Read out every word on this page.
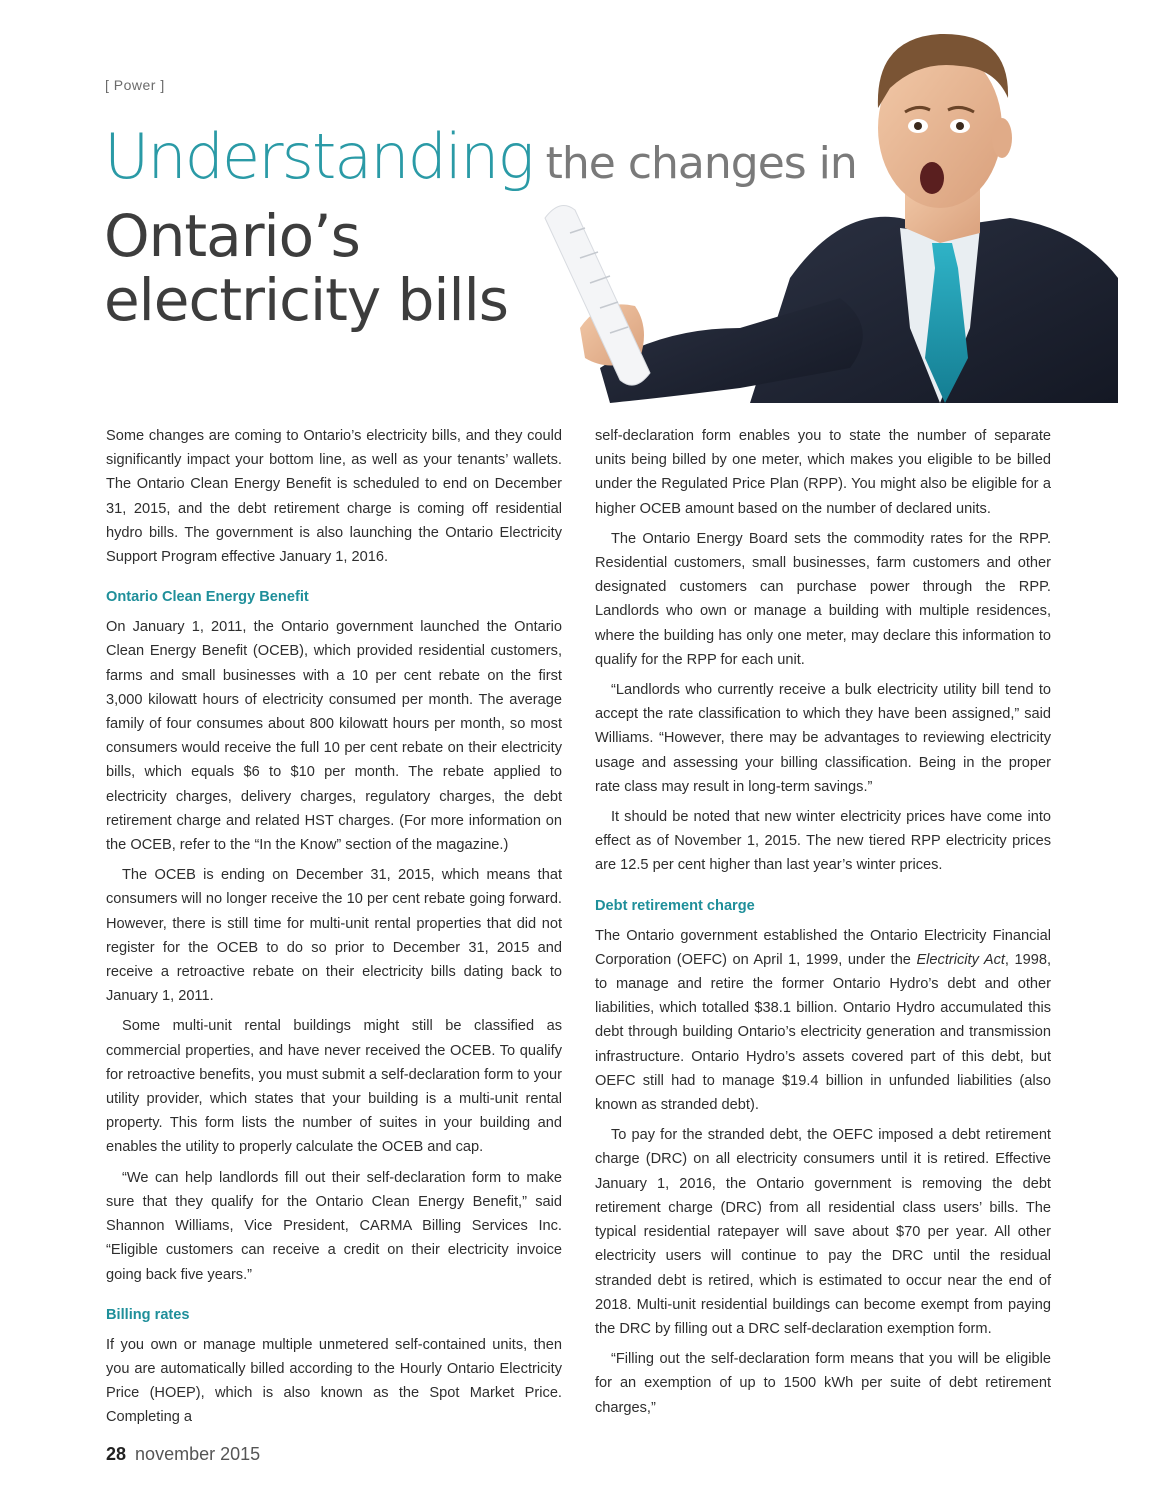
[ Power ]
Understanding the changes in
Ontario’s
electricity bills

Some changes are coming to Ontario’s electricity bills, and they could significantly impact your bottom line, as well as your tenants’ wallets. The Ontario Clean Energy Benefit is scheduled to end on December 31, 2015, and the debt retirement charge is coming off residential hydro bills. The government is also launching the Ontario Electricity Support Program effective January 1, 2016.

Ontario Clean Energy Benefit

On January 1, 2011, the Ontario government launched the Ontario Clean Energy Benefit (OCEB), which provided residential customers, farms and small businesses with a 10 per cent rebate on the first 3,000 kilowatt hours of electricity consumed per month. The average family of four consumes about 800 kilowatt hours per month, so most consumers would receive the full 10 per cent rebate on their electricity bills, which equals $6 to $10 per month. The rebate applied to electricity charges, delivery charges, regulatory charges, the debt retirement charge and related HST charges. (For more information on the OCEB, refer to the “In the Know” section of the magazine.)

The OCEB is ending on December 31, 2015, which means that consumers will no longer receive the 10 per cent rebate going forward. However, there is still time for multi-unit rental properties that did not register for the OCEB to do so prior to December 31, 2015 and receive a retroactive rebate on their electricity bills dating back to January 1, 2011.

Some multi-unit rental buildings might still be classified as commercial properties, and have never received the OCEB. To qualify for retroactive benefits, you must submit a self-declaration form to your utility provider, which states that your building is a multi-unit rental property. This form lists the number of suites in your building and enables the utility to properly calculate the OCEB and cap.

“We can help landlords fill out their self-declaration form to make sure that they qualify for the Ontario Clean Energy Benefit,” said Shannon Williams, Vice President, CARMA Billing Services Inc. “Eligible customers can receive a credit on their electricity invoice going back five years.”

Billing rates

If you own or manage multiple unmetered self-contained units, then you are automatically billed according to the Hourly Ontario Electricity Price (HOEP), which is also known as the Spot Market Price. Completing a

self-declaration form enables you to state the number of separate units being billed by one meter, which makes you eligible to be billed under the Regulated Price Plan (RPP). You might also be eligible for a higher OCEB amount based on the number of declared units.

The Ontario Energy Board sets the commodity rates for the RPP. Residential customers, small businesses, farm customers and other designated customers can purchase power through the RPP. Landlords who own or manage a building with multiple residences, where the building has only one meter, may declare this information to qualify for the RPP for each unit.

“Landlords who currently receive a bulk electricity utility bill tend to accept the rate classification to which they have been assigned,” said Williams. “However, there may be advantages to reviewing electricity usage and assessing your billing classification. Being in the proper rate class may result in long-term savings.”

It should be noted that new winter electricity prices have come into effect as of November 1, 2015. The new tiered RPP electricity prices are 12.5 per cent higher than last year’s winter prices.

Debt retirement charge

The Ontario government established the Ontario Electricity Financial Corporation (OEFC) on April 1, 1999, under the Electricity Act, 1998, to manage and retire the former Ontario Hydro’s debt and other liabilities, which totalled $38.1 billion. Ontario Hydro accumulated this debt through building Ontario’s electricity generation and transmission infrastructure. Ontario Hydro’s assets covered part of this debt, but OEFC still had to manage $19.4 billion in unfunded liabilities (also known as stranded debt).

To pay for the stranded debt, the OEFC imposed a debt retirement charge (DRC) on all electricity consumers until it is retired. Effective January 1, 2016, the Ontario government is removing the debt retirement charge (DRC) from all residential class users’ bills. The typical residential ratepayer will save about $70 per year. All other electricity users will continue to pay the DRC until the residual stranded debt is retired, which is estimated to occur near the end of 2018. Multi-unit residential buildings can become exempt from paying the DRC by filling out a DRC self-declaration exemption form.

“Filling out the self-declaration form means that you will be eligible for an exemption of up to 1500 kWh per suite of debt retirement charges,”

28 november 2015
